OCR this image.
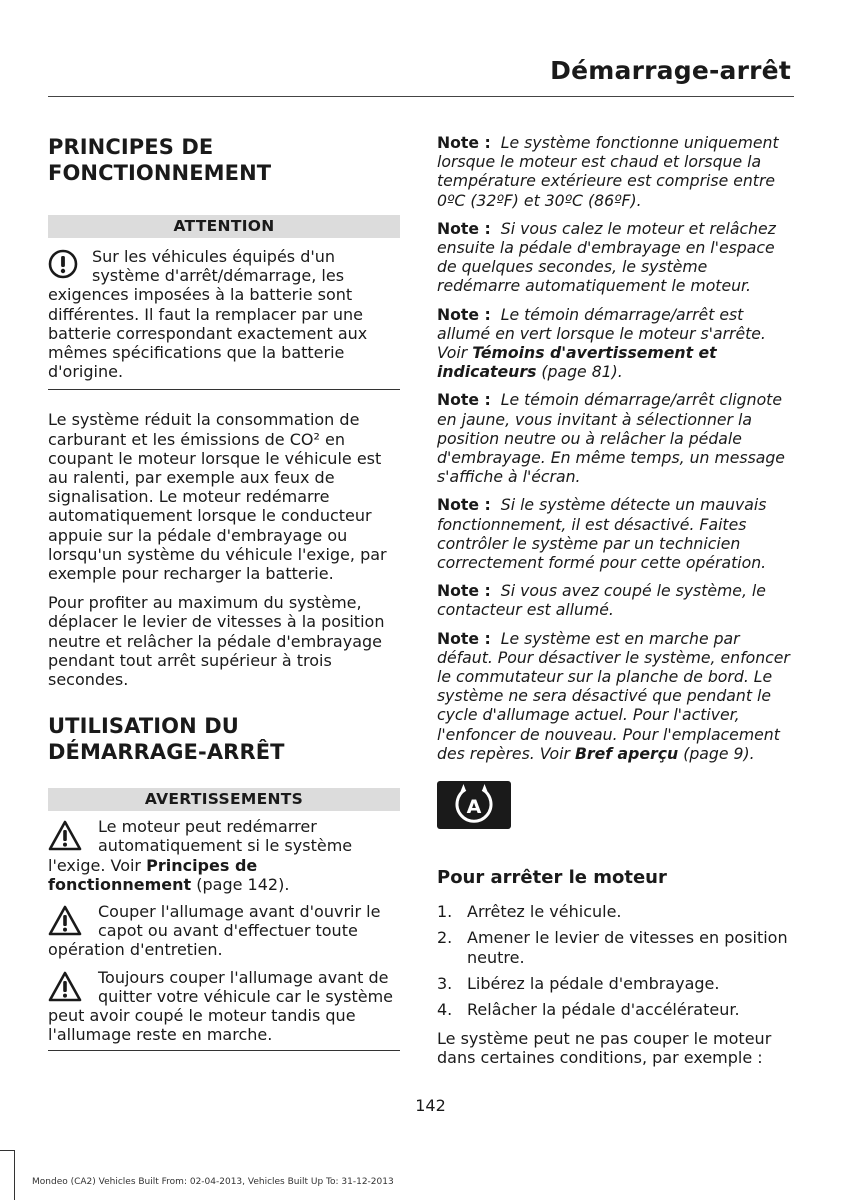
Démarrage-arrêt
PRINCIPES DE FONCTIONNEMENT
ATTENTION
Sur les véhicules équipés d'un système d'arrêt/démarrage, les exigences imposées à la batterie sont différentes. Il faut la remplacer par une batterie correspondant exactement aux mêmes spécifications que la batterie d'origine.

Le système réduit la consommation de carburant et les émissions de CO² en coupant le moteur lorsque le véhicule est au ralenti, par exemple aux feux de signalisation. Le moteur redémarre automatiquement lorsque le conducteur appuie sur la pédale d'embrayage ou lorsqu'un système du véhicule l'exige, par exemple pour recharger la batterie.

Pour profiter au maximum du système, déplacer le levier de vitesses à la position neutre et relâcher la pédale d'embrayage pendant tout arrêt supérieur à trois secondes.

UTILISATION DU DÉMARRAGE-ARRÊT
AVERTISSEMENTS
Le moteur peut redémarrer automatiquement si le système l'exige. Voir Principes de fonctionnement (page 142).
Couper l'allumage avant d'ouvrir le capot ou avant d'effectuer toute opération d'entretien.
Toujours couper l'allumage avant de quitter votre véhicule car le système peut avoir coupé le moteur tandis que l'allumage reste en marche.

Note : Le système fonctionne uniquement lorsque le moteur est chaud et lorsque la température extérieure est comprise entre 0ºC (32ºF) et 30ºC (86ºF).

Note : Si vous calez le moteur et relâchez ensuite la pédale d'embrayage en l'espace de quelques secondes, le système redémarre automatiquement le moteur.

Note : Le témoin démarrage/arrêt est allumé en vert lorsque le moteur s'arrête. Voir Témoins d'avertissement et indicateurs (page 81).

Note : Le témoin démarrage/arrêt clignote en jaune, vous invitant à sélectionner la position neutre ou à relâcher la pédale d'embrayage. En même temps, un message s'affiche à l'écran.

Note : Si le système détecte un mauvais fonctionnement, il est désactivé. Faites contrôler le système par un technicien correctement formé pour cette opération.

Note : Si vous avez coupé le système, le contacteur est allumé.

Note : Le système est en marche par défaut. Pour désactiver le système, enfoncer le commutateur sur la planche de bord. Le système ne sera désactivé que pendant le cycle d'allumage actuel. Pour l'activer, l'enfoncer de nouveau. Pour l'emplacement des repères. Voir Bref aperçu (page 9).

A
Pour arrêter le moteur
1. Arrêtez le véhicule.
2. Amener le levier de vitesses en position neutre.
3. Libérez la pédale d'embrayage.
4. Relâcher la pédale d'accélérateur.

Le système peut ne pas couper le moteur dans certaines conditions, par exemple :

142
Mondeo (CA2) Vehicles Built From: 02-04-2013, Vehicles Built Up To: 31-12-2013
